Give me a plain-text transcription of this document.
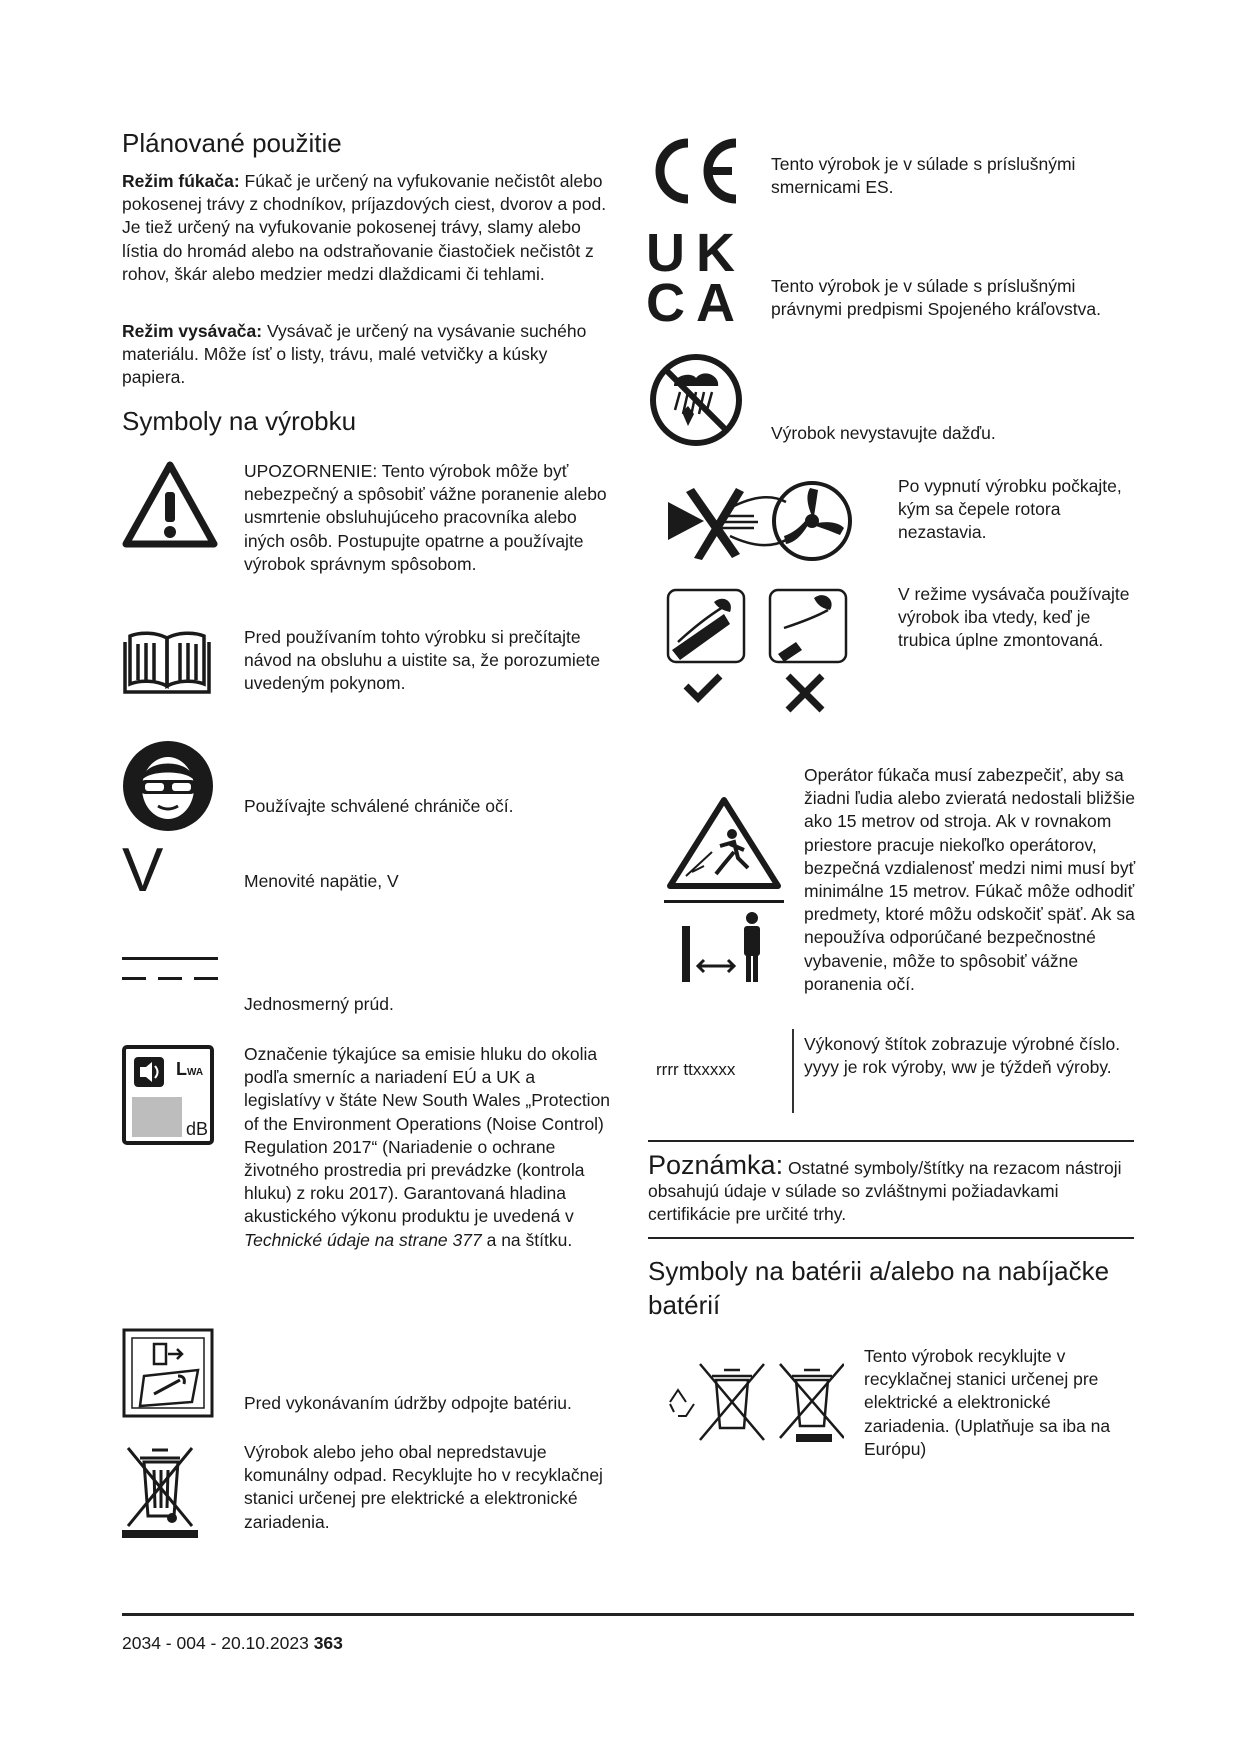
Plánované použitie

Režim fúkača: Fúkač je určený na vyfukovanie nečistôt alebo pokosenej trávy z chodníkov, príjazdových ciest, dvorov a pod. Je tiež určený na vyfukovanie pokosenej trávy, slamy alebo lístia do hromád alebo na odstraňovanie čiastočiek nečistôt z rohov, škár alebo medzier medzi dlaždicami či tehlami.

Režim vysávača: Vysávač je určený na vysávanie suchého materiálu. Môže ísť o listy, trávu, malé vetvičky a kúsky papiera.

Symboly na výrobku

UPOZORNENIE: Tento výrobok môže byť nebezpečný a spôsobiť vážne poranenie alebo usmrtenie obsluhujúceho pracovníka alebo iných osôb. Postupujte opatrne a používajte výrobok správnym spôsobom.

Pred používaním tohto výrobku si prečítajte návod na obsluhu a uistite sa, že porozumiete uvedeným pokynom.

Používajte schválené chrániče očí.

V	Menovité napätie, V

Jednosmerný prúd.

LWA
dB

Označenie týkajúce sa emisie hluku do okolia podľa smerníc a nariadení EÚ a UK a legislatívy v štáte New South Wales „Protection of the Environment Operations (Noise Control) Regulation 2017“ (Nariadenie o ochrane životného prostredia pri prevádzke (kontrola hluku) z roku 2017). Garantovaná hladina akustického výkonu produktu je uvedená v Technické údaje na strane 377 a na štítku.

Pred vykonávaním údržby odpojte batériu.

Výrobok alebo jeho obal nepredstavuje komunálny odpad. Recyklujte ho v recyklačnej stanici určenej pre elektrické a elektronické zariadenia.

Tento výrobok je v súlade s príslušnými smernicami ES.

U K
C A	Tento výrobok je v súlade s príslušnými právnymi predpismi Spojeného kráľovstva.

Výrobok nevystavujte dažďu.

Po vypnutí výrobku počkajte, kým sa čepele rotora nezastavia.

V režime vysávača používajte výrobok iba vtedy, keď je trubica úplne zmontovaná.

Operátor fúkača musí zabezpečiť, aby sa žiadni ľudia alebo zvieratá nedostali bližšie ako 15 metrov od stroja. Ak v rovnakom priestore pracuje niekoľko operátorov, bezpečná vzdialenosť medzi nimi musí byť minimálne 15 metrov. Fúkač môže odhodiť predmety, ktoré môžu odskočiť späť. Ak sa nepoužíva odporúčané bezpečnostné vybavenie, môže to spôsobiť vážne poranenia očí.

rrrr ttxxxxx

Výkonový štítok zobrazuje výrobné číslo. yyyy je rok výroby, ww je týždeň výroby.

Poznámka: Ostatné symboly/štítky na rezacom nástroji obsahujú údaje v súlade so zvláštnymi požiadavkami certifikácie pre určité trhy.

Symboly na batérii a/alebo na nabíjačke batérií

Tento výrobok recyklujte v recyklačnej stanici určenej pre elektrické a elektronické zariadenia. (Uplatňuje sa iba na Európu)

2034 - 004 - 20.10.2023 363
